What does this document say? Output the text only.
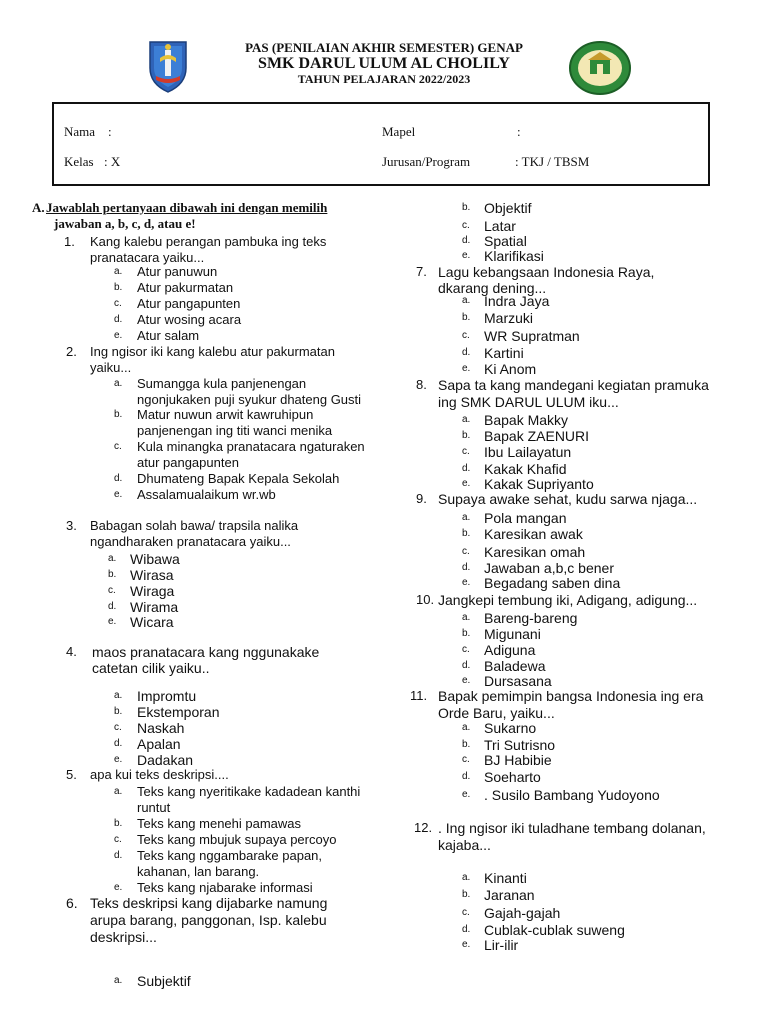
PAS (PENILAIAN AKHIR SEMESTER) GENAP
SMK DARUL ULUM AL CHOLILY
TAHUN PELAJARAN 2022/2023
Nama :
Kelas : X
Mapel	:
Jurusan/Program	: TKJ / TBSM
A. Jawablah pertanyaan dibawah ini dengan memilih
jawaban a, b, c, d, atau e!
1. Kang kalebu perangan pambuka ing teks
pranatacara yaiku...
a. Atur panuwun
b. Atur pakurmatan
c. Atur pangapunten
d. Atur wosing acara
e. Atur salam
2. Ing ngisor iki kang kalebu atur pakurmatan
yaiku...
a. Sumangga kula panjenengan
ngonjukaken puji syukur dhateng Gusti
b. Matur nuwun arwit kawruhipun
panjenengan ing titi wanci menika
c. Kula minangka pranatacara ngaturaken
atur pangapunten
d. Dhumateng Bapak Kepala Sekolah
e. Assalamualaikum wr.wb
3. Babagan solah bawa/ trapsila nalika
ngandharaken pranatacara yaiku...
a. Wibawa
b. Wirasa
c. Wiraga
d. Wirama
e. Wicara
4. maos pranatacara kang nggunakake
catetan cilik yaiku..
a. Impromtu
b. Ekstemporan
c. Naskah
d. Apalan
e. Dadakan
5. apa kui teks deskripsi....
a. Teks kang nyeritikake kadadean kanthi
runtut
b. Teks kang menehi pamawas
c. Teks kang mbujuk supaya percoyo
d. Teks kang nggambarake papan,
kahanan, lan barang.
e. Teks kang njabarake informasi
6. Teks deskripsi kang dijabarke namung
arupa barang, panggonan, Isp. kalebu
deskripsi...
a. Subjektif
b. Objektif
c. Latar
d. Spatial
e. Klarifikasi
7. Lagu kebangsaan Indonesia Raya,
dkarang dening...
a. Indra Jaya
b. Marzuki
c. WR Supratman
d. Kartini
e. Ki Anom
8. Sapa ta kang mandegani kegiatan pramuka
ing SMK DARUL ULUM iku...
a. Bapak Makky
b. Bapak ZAENURI
c. Ibu Lailayatun
d. Kakak Khafid
e. Kakak Supriyanto
9. Supaya awake sehat, kudu sarwa njaga...
a. Pola mangan
b. Karesikan awak
c. Karesikan omah
d. Jawaban a,b,c bener
e. Begadang saben dina
10. Jangkepi tembung iki, Adigang, adigung...
a. Bareng-bareng
b. Migunani
c. Adiguna
d. Baladewa
e. Dursasana
11. Bapak pemimpin bangsa Indonesia ing era
Orde Baru, yaiku...
a. Sukarno
b. Tri Sutrisno
c. BJ Habibie
d. Soeharto
e. . Susilo Bambang Yudoyono
12. . Ing ngisor iki tuladhane tembang dolanan,
kajaba...
a. Kinanti
b. Jaranan
c. Gajah-gajah
d. Cublak-cublak suweng
e. Lir-ilir
